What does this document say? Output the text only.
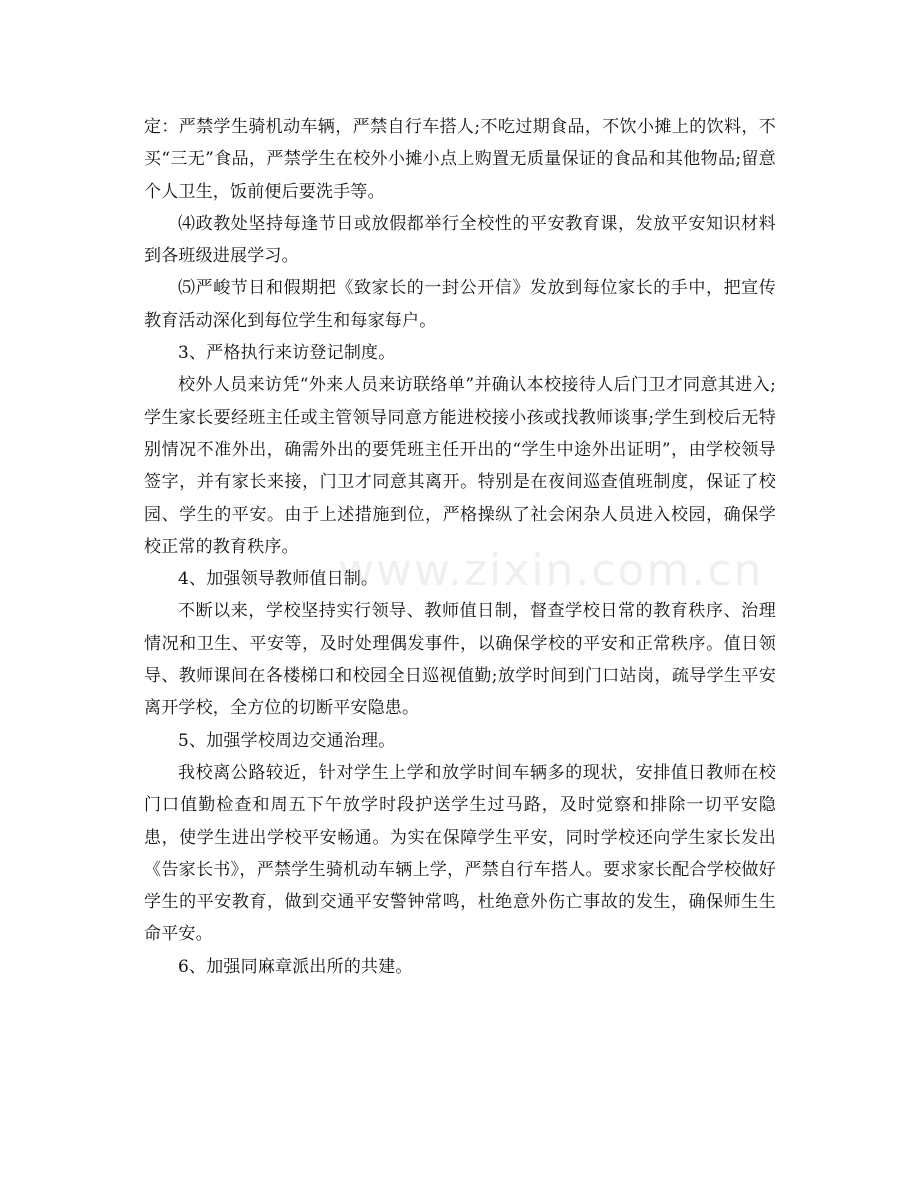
定：严禁学生骑机动车辆，严禁自行车搭人;不吃过期食品，不饮小摊上的饮料，不买“三无”食品，严禁学生在校外小摊小点上购置无质量保证的食品和其他物品;留意个人卫生，饭前便后要洗手等。

⑷政教处坚持每逢节日或放假都举行全校性的平安教育课，发放平安知识材料到各班级进展学习。

⑸严峻节日和假期把《致家长的一封公开信》发放到每位家长的手中，把宣传教育活动深化到每位学生和每家每户。

3、严格执行来访登记制度。

校外人员来访凭“外来人员来访联络单”并确认本校接待人后门卫才同意其进入;学生家长要经班主任或主管领导同意方能进校接小孩或找教师谈事;学生到校后无特别情况不准外出，确需外出的要凭班主任开出的“学生中途外出证明”，由学校领导签字，并有家长来接，门卫才同意其离开。特别是在夜间巡查值班制度，保证了校园、学生的平安。由于上述措施到位，严格操纵了社会闲杂人员进入校园，确保学校正常的教育秩序。

4、加强领导教师值日制。

不断以来，学校坚持实行领导、教师值日制，督查学校日常的教育秩序、治理情况和卫生、平安等，及时处理偶发事件，以确保学校的平安和正常秩序。值日领导、教师课间在各楼梯口和校园全日巡视值勤;放学时间到门口站岗，疏导学生平安离开学校，全方位的切断平安隐患。

5、加强学校周边交通治理。

我校离公路较近，针对学生上学和放学时间车辆多的现状，安排值日教师在校门口值勤检查和周五下午放学时段护送学生过马路，及时觉察和排除一切平安隐患，使学生进出学校平安畅通。为实在保障学生平安，同时学校还向学生家长发出《告家长书》，严禁学生骑机动车辆上学，严禁自行车搭人。要求家长配合学校做好学生的平安教育，做到交通平安警钟常鸣，杜绝意外伤亡事故的发生，确保师生生命平安。

6、加强同麻章派出所的共建。

www.zixin.com.cn
